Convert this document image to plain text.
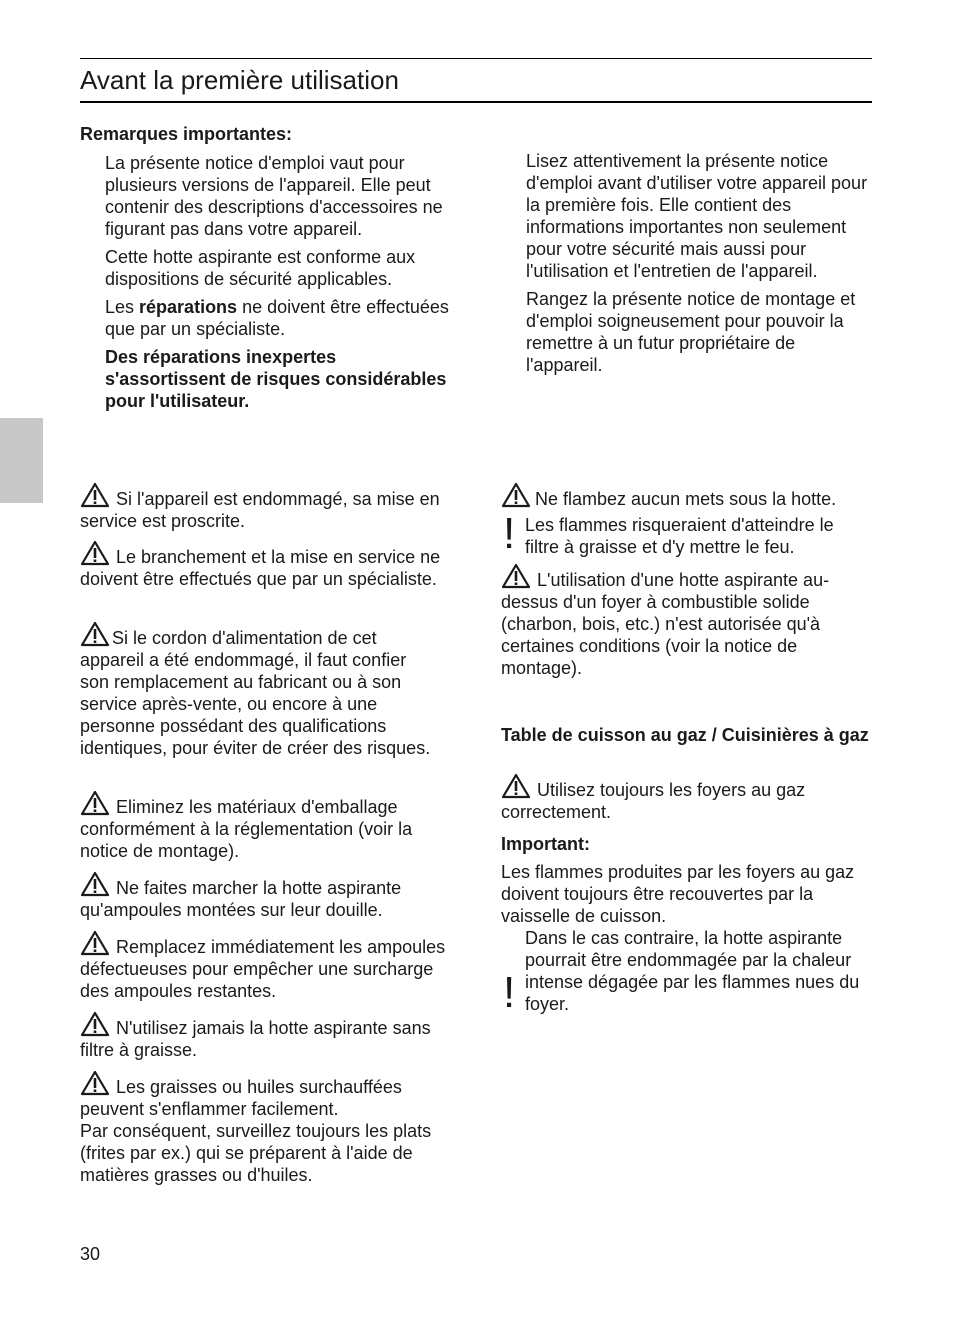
Avant la première utilisation
Remarques importantes:

La présente notice d'emploi vaut pour plusieurs versions de l'appareil. Elle peut contenir des descriptions d'accessoires ne figurant pas dans votre appareil.

Cette hotte aspirante est conforme aux dispositions de sécurité applicables.

Les réparations ne doivent être effectuées que par un spécialiste.

Des réparations inexpertes s'assortissent de risques considérables pour l'utilisateur.

Lisez attentivement la présente notice d'emploi avant d'utiliser votre appareil pour la première fois. Elle contient des informations importantes non seulement pour votre sécurité mais aussi pour l'utilisation et l'entretien de l'appareil.

Rangez la présente notice de montage et d'emploi soigneusement pour pouvoir la remettre à un futur propriétaire de l'appareil.

Si l'appareil est endommagé, sa mise en service est proscrite.
Le branchement et la mise en service ne doivent être effectués que par un spécialiste.
Si le cordon d'alimentation de cet appareil a été endommagé, il faut confier son remplacement au fabricant ou à son service après-vente, ou encore à une personne possédant des qualifications identiques, pour éviter de créer des risques.
Eliminez les matériaux d'emballage conformément à la réglementation (voir la notice de montage).
Ne faites marcher la hotte aspirante qu'ampoules montées sur leur douille.
Remplacez immédiatement les ampoules défectueuses pour empêcher une surcharge des ampoules restantes.
N'utilisez jamais la hotte aspirante sans filtre à graisse.
Les graisses ou huiles surchauffées peuvent s'enflammer facilement.

Par conséquent, surveillez toujours les plats (frites par ex.) qui se préparent à l'aide de matières grasses ou d'huiles.

Ne flambez aucun mets sous la hotte.
! Les flammes risqueraient d'atteindre le filtre à graisse et d'y mettre le feu.

L'utilisation d'une hotte aspirante au-dessus d'un foyer à combustible solide (charbon, bois, etc.) n'est autorisée qu'à certaines conditions (voir la notice de montage).
Table de cuisson au gaz / Cuisinières à gaz
Utilisez toujours les foyers au gaz correctement.
Important:
Les flammes produites par les foyers au gaz doivent toujours être recouvertes par la vaisselle de cuisson.
!
Dans le cas contraire, la hotte aspirante pourrait être endommagée par la chaleur intense dégagée par les flammes nues du foyer.
30
